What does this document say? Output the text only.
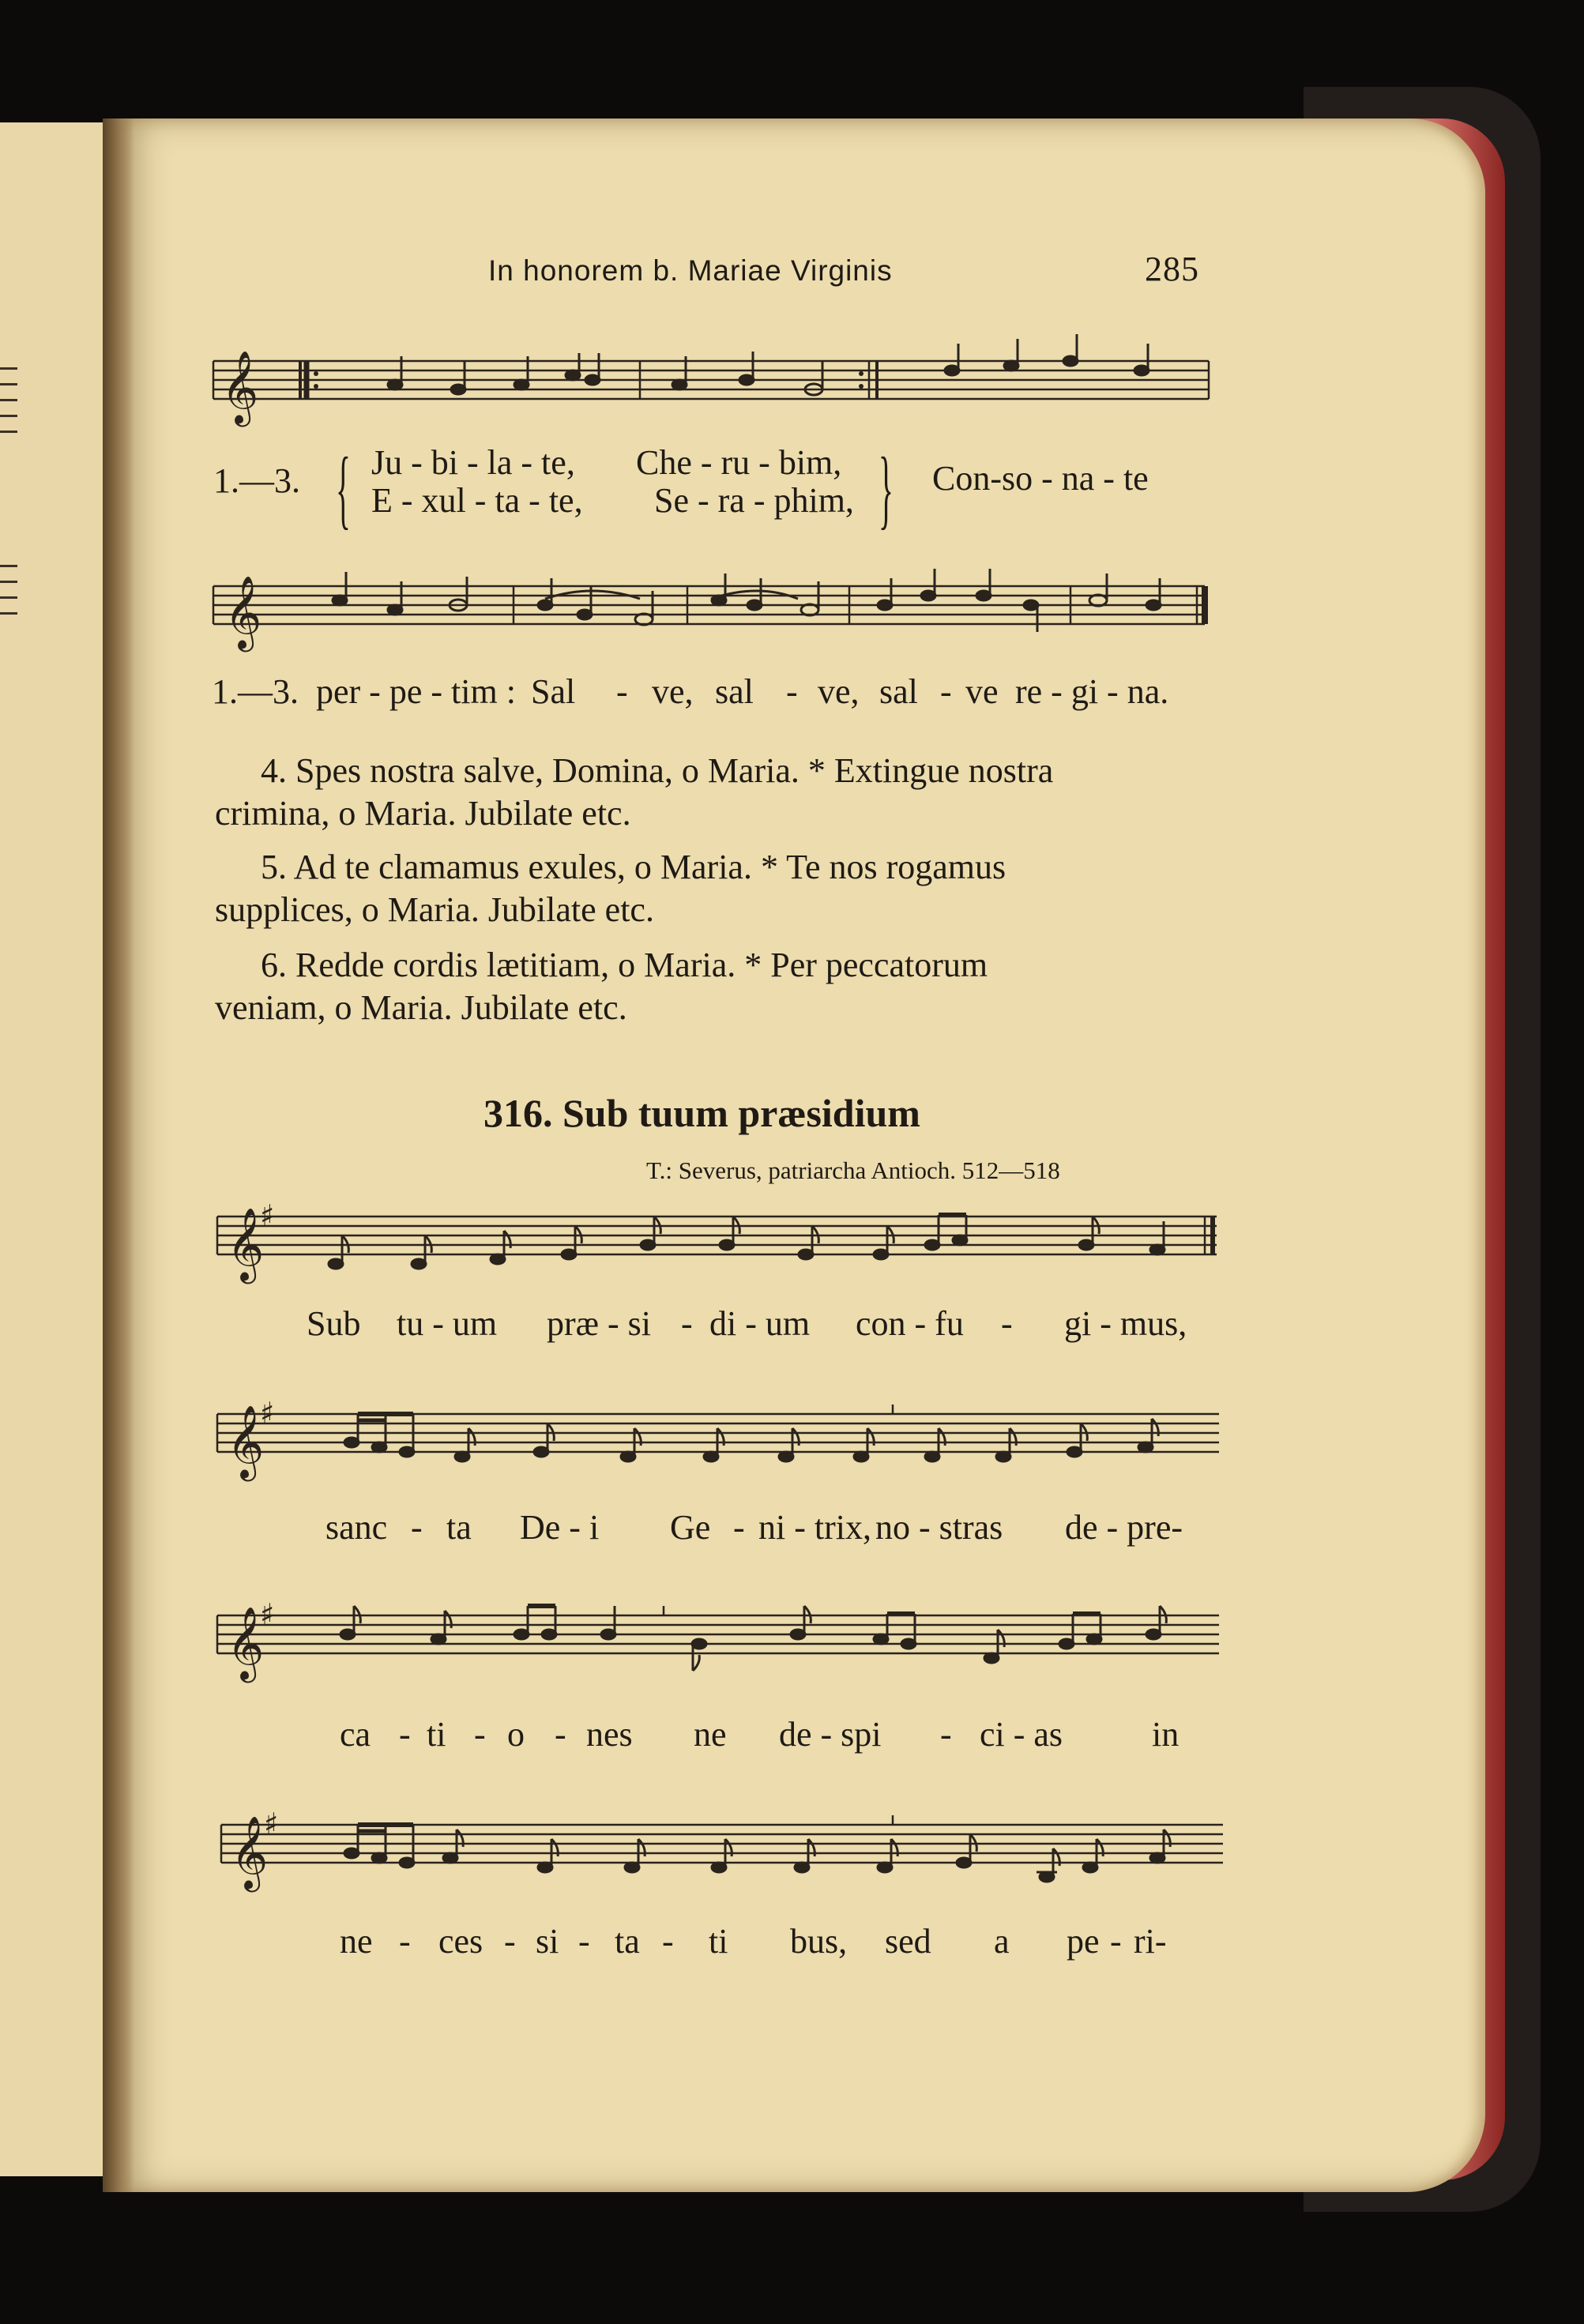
In honorem b. Mariae Virginis	285
𝄞
1.—3. { Ju - bi - la - te, Che - ru - bim,
E - xul - ta - te, Se - ra - phim, } Con-so - na - te
𝄞
1.—3. per - pe - tim : Sal - ve, sal - ve, sal - ve re - gi - na.
4. Spes nostra salve, Domina, o Maria. * Extingue nostra
crimina, o Maria. Jubilate etc.
5. Ad te clamamus exules, o Maria. * Te nos rogamus
supplices, o Maria. Jubilate etc.
6. Redde cordis lætitiam, o Maria. * Per peccatorum
veniam, o Maria. Jubilate etc.
316. Sub tuum præsidium
T.: Severus, patriarcha Antioch. 512—518
𝄞
♯
Sub tu - um præ - si - di - um con - fu - gi - mus,
𝄞
♯
sanc - ta De - i Ge - ni - trix, no - stras de - pre-
𝄞
♯
ca - ti - o - nes ne de - spi - ci - as	in
𝄞
♯
ne - ces - si - ta - ti bus, sed a pe - ri-
